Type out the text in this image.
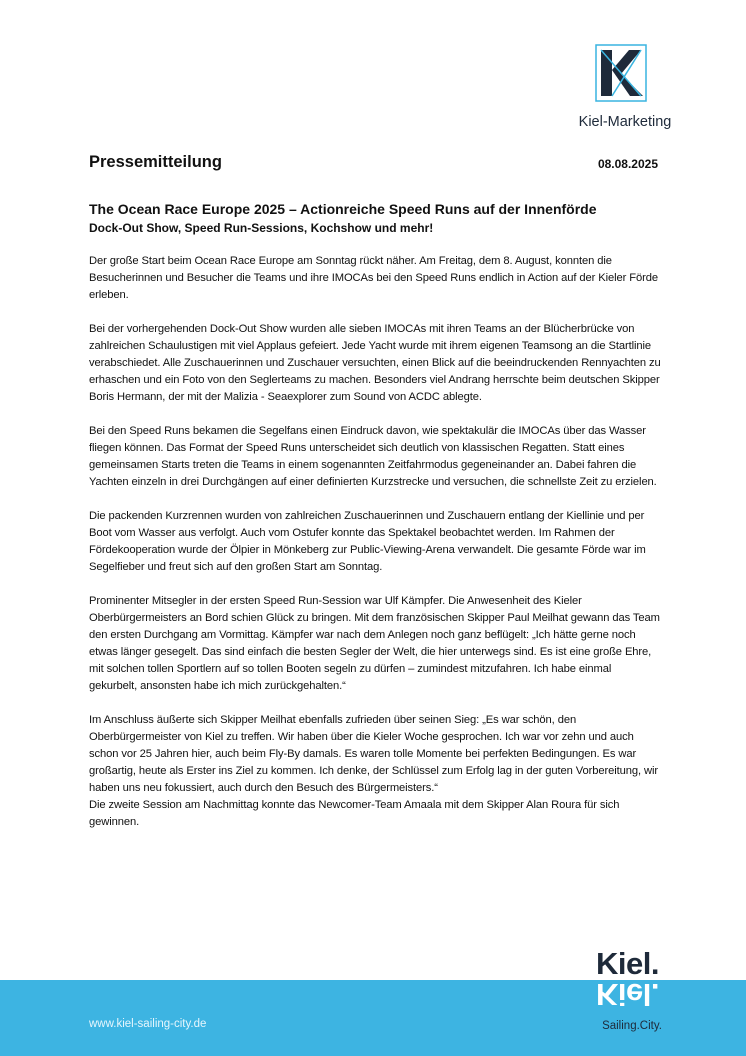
Kiel-Marketing
Pressemitteilung	08.08.2025
The Ocean Race Europe 2025 – Actionreiche Speed Runs auf der Innenförde
Dock-Out Show, Speed Run-Sessions, Kochshow und mehr!

Der große Start beim Ocean Race Europe am Sonntag rückt näher. Am Freitag, dem 8. August, konnten die Besucherinnen und Besucher die Teams und ihre IMOCAs bei den Speed Runs endlich in Action auf der Kieler Förde erleben.

Bei der vorhergehenden Dock-Out Show wurden alle sieben IMOCAs mit ihren Teams an der Blücherbrücke von zahlreichen Schaulustigen mit viel Applaus gefeiert. Jede Yacht wurde mit ihrem eigenen Teamsong an die Startlinie verabschiedet. Alle Zuschauerinnen und Zuschauer versuchten, einen Blick auf die beeindruckenden Rennyachten zu erhaschen und ein Foto von den Seglerteams zu machen. Besonders viel Andrang herrschte beim deutschen Skipper Boris Hermann, der mit der Malizia - Seaexplorer zum Sound von ACDC ablegte.

Bei den Speed Runs bekamen die Segelfans einen Eindruck davon, wie spektakulär die IMOCAs über das Wasser fliegen können. Das Format der Speed Runs unterscheidet sich deutlich von klassischen Regatten. Statt eines gemeinsamen Starts treten die Teams in einem sogenannten Zeitfahrmodus gegeneinander an. Dabei fahren die Yachten einzeln in drei Durchgängen auf einer definierten Kurzstrecke und versuchen, die schnellste Zeit zu erzielen.

Die packenden Kurzrennen wurden von zahlreichen Zuschauerinnen und Zuschauern entlang der Kiellinie und per Boot vom Wasser aus verfolgt. Auch vom Ostufer konnte das Spektakel beobachtet werden. Im Rahmen der Fördekooperation wurde der Ölpier in Mönkeberg zur Public-Viewing-Arena verwandelt. Die gesamte Förde war im Segelfieber und freut sich auf den großen Start am Sonntag.

Prominenter Mitsegler in der ersten Speed Run-Session war Ulf Kämpfer. Die Anwesenheit des Kieler Oberbürgermeisters an Bord schien Glück zu bringen. Mit dem französischen Skipper Paul Meilhat gewann das Team den ersten Durchgang am Vormittag. Kämpfer war nach dem Anlegen noch ganz beflügelt: „Ich hätte gerne noch etwas länger gesegelt. Das sind einfach die besten Segler der Welt, die hier unterwegs sind. Es ist eine große Ehre, mit solchen tollen Sportlern auf so tollen Booten segeln zu dürfen – zumindest mitzufahren. Ich habe einmal gekurbelt, ansonsten habe ich mich zurückgehalten.“

Im Anschluss äußerte sich Skipper Meilhat ebenfalls zufrieden über seinen Sieg: „Es war schön, den Oberbürgermeister von Kiel zu treffen. Wir haben über die Kieler Woche gesprochen. Ich war vor zehn und auch schon vor 25 Jahren hier, auch beim Fly-By damals. Es waren tolle Momente bei perfekten Bedingungen. Es war großartig, heute als Erster ins Ziel zu kommen. Ich denke, der Schlüssel zum Erfolg lag in der guten Vorbereitung, wir haben uns neu fokussiert, auch durch den Besuch des Bürgermeisters.“

Die zweite Session am Nachmittag konnte das Newcomer-Team Amaala mit dem Skipper Alan Roura für sich gewinnen.

www.kiel-sailing-city.de
Kiel.
Kiel.
Sailing.City.
